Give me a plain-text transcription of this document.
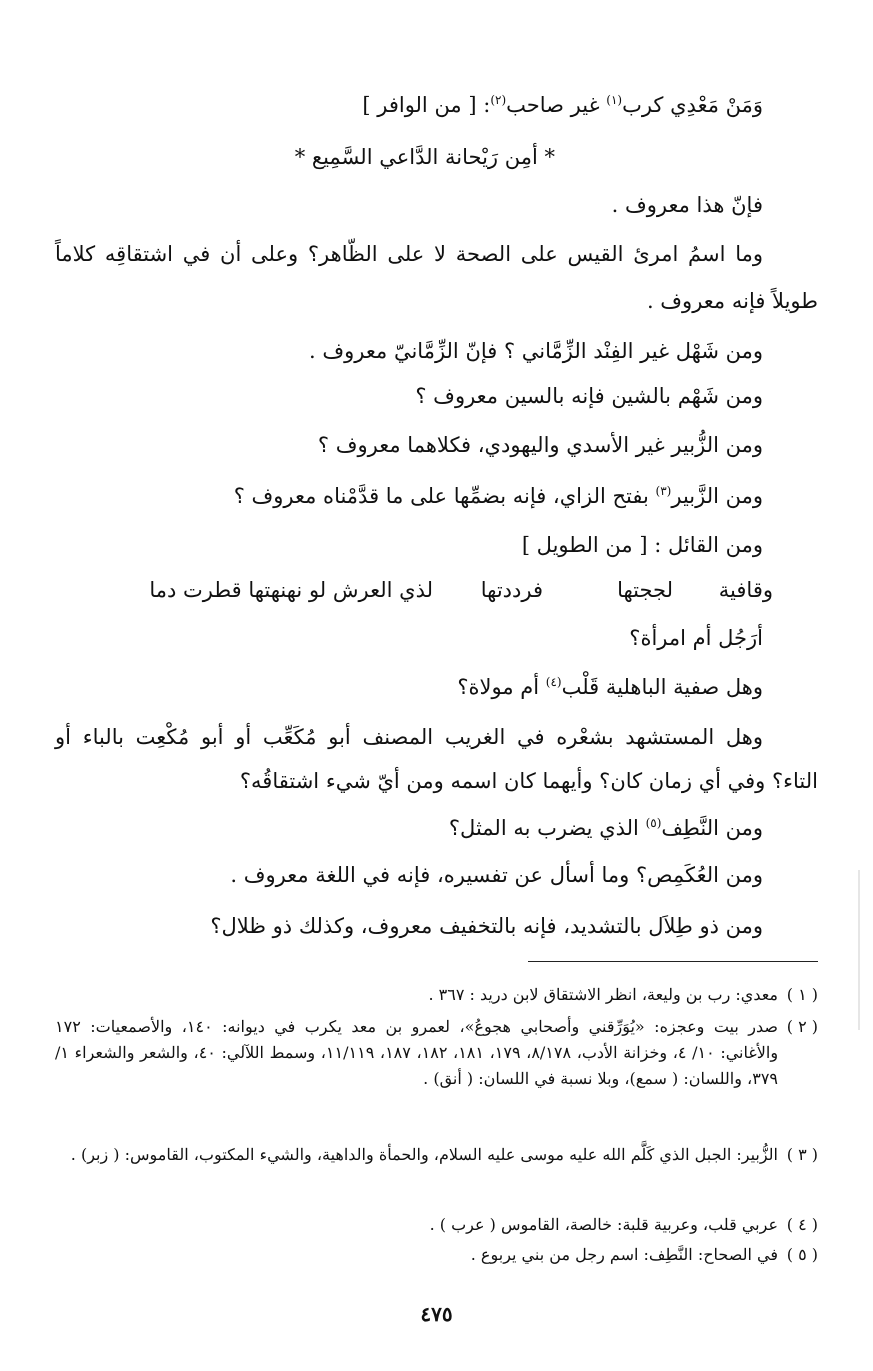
وَمَنْ مَعْدِي كرب$^{(١)}$ غير صاحب$^{(٢)}$: [ من الوافر ]
* أمِن رَيْحانة الدَّاعي السَّمِيع *
فإنّ هذا معروف .
وما اسمُ امرئ القيس على الصحة لا على الظّاهر؟ وعلى أن في اشتقاقِه كلاماً
طويلاً فإنه معروف .
ومن شَهْل غير الفِنْد الزِّمَّاني ؟ فإنّ الزِّمَّانيّ معروف .
ومن شَهْم بالشين فإنه بالسين معروف ؟
ومن الزُّبير غير الأسدي واليهودي، فكلاهما معروف ؟
ومن الزَّبير$^{(٣)}$ بفتح الزاي، فإنه بضمِّها على ما قدَّمْناه معروف ؟
ومن القائل : [ من الطويل ]
وقافية
لججتها
فرددتها
لذي العرش لو نهنهتها قطرت دما
أرَجُل أم امرأة؟
وهل صفية الباهلية قَلْب$^{(٤)}$ أم مولاة؟
وهل المستشهد بشعْره في الغريب المصنف أبو مُكَعِّب أو أبو مُكْعِت بالباء أو
التاء؟ وفي أي زمان كان؟ وأيهما كان اسمه ومن أيّ شيء اشتقاقُه؟
ومن النَّطِف$^{(٥)}$ الذي يضرب به المثل؟
ومن العُكَمِص؟ وما أسأل عن تفسيره، فإنه في اللغة معروف .
ومن ذو طِلاَل بالتشديد، فإنه بالتخفيف معروف، وكذلك ذو ظلال؟
( ١ )
معدي: رب بن وليعة، انظر الاشتقاق لابن دريد : ٣٦٧ .
( ٢ )
صدر بيت وعجزه: «يُوَرِّقني وأصحابي هجوعُ»، لعمرو بن معد يكرب في ديوانه: ١٤٠، والأصمعيات: ١٧٢ والأغاني: ١٠/ ٤، وخزانة الأدب، ٨/١٧٨، ١٧٩، ١٨١، ١٨٢، ١٨٧، ١١/١١٩، وسمط اللآلي: ٤٠، والشعر والشعراء ١/ ٣٧٩، واللسان: ( سمع)، وبلا نسبة في اللسان: ( أنق) .
( ٣ )
الزُّبير: الجبل الذي كَلَّم الله عليه موسى عليه السلام، والحمأة والداهية، والشيء المكتوب، القاموس: ( زبر) .
( ٤ )
عربي قلب، وعربية قلبة: خالصة، القاموس ( عرب ) .
( ٥ )
في الصحاح: النَّطِف: اسم رجل من بني يربوع .
٤٧٥
